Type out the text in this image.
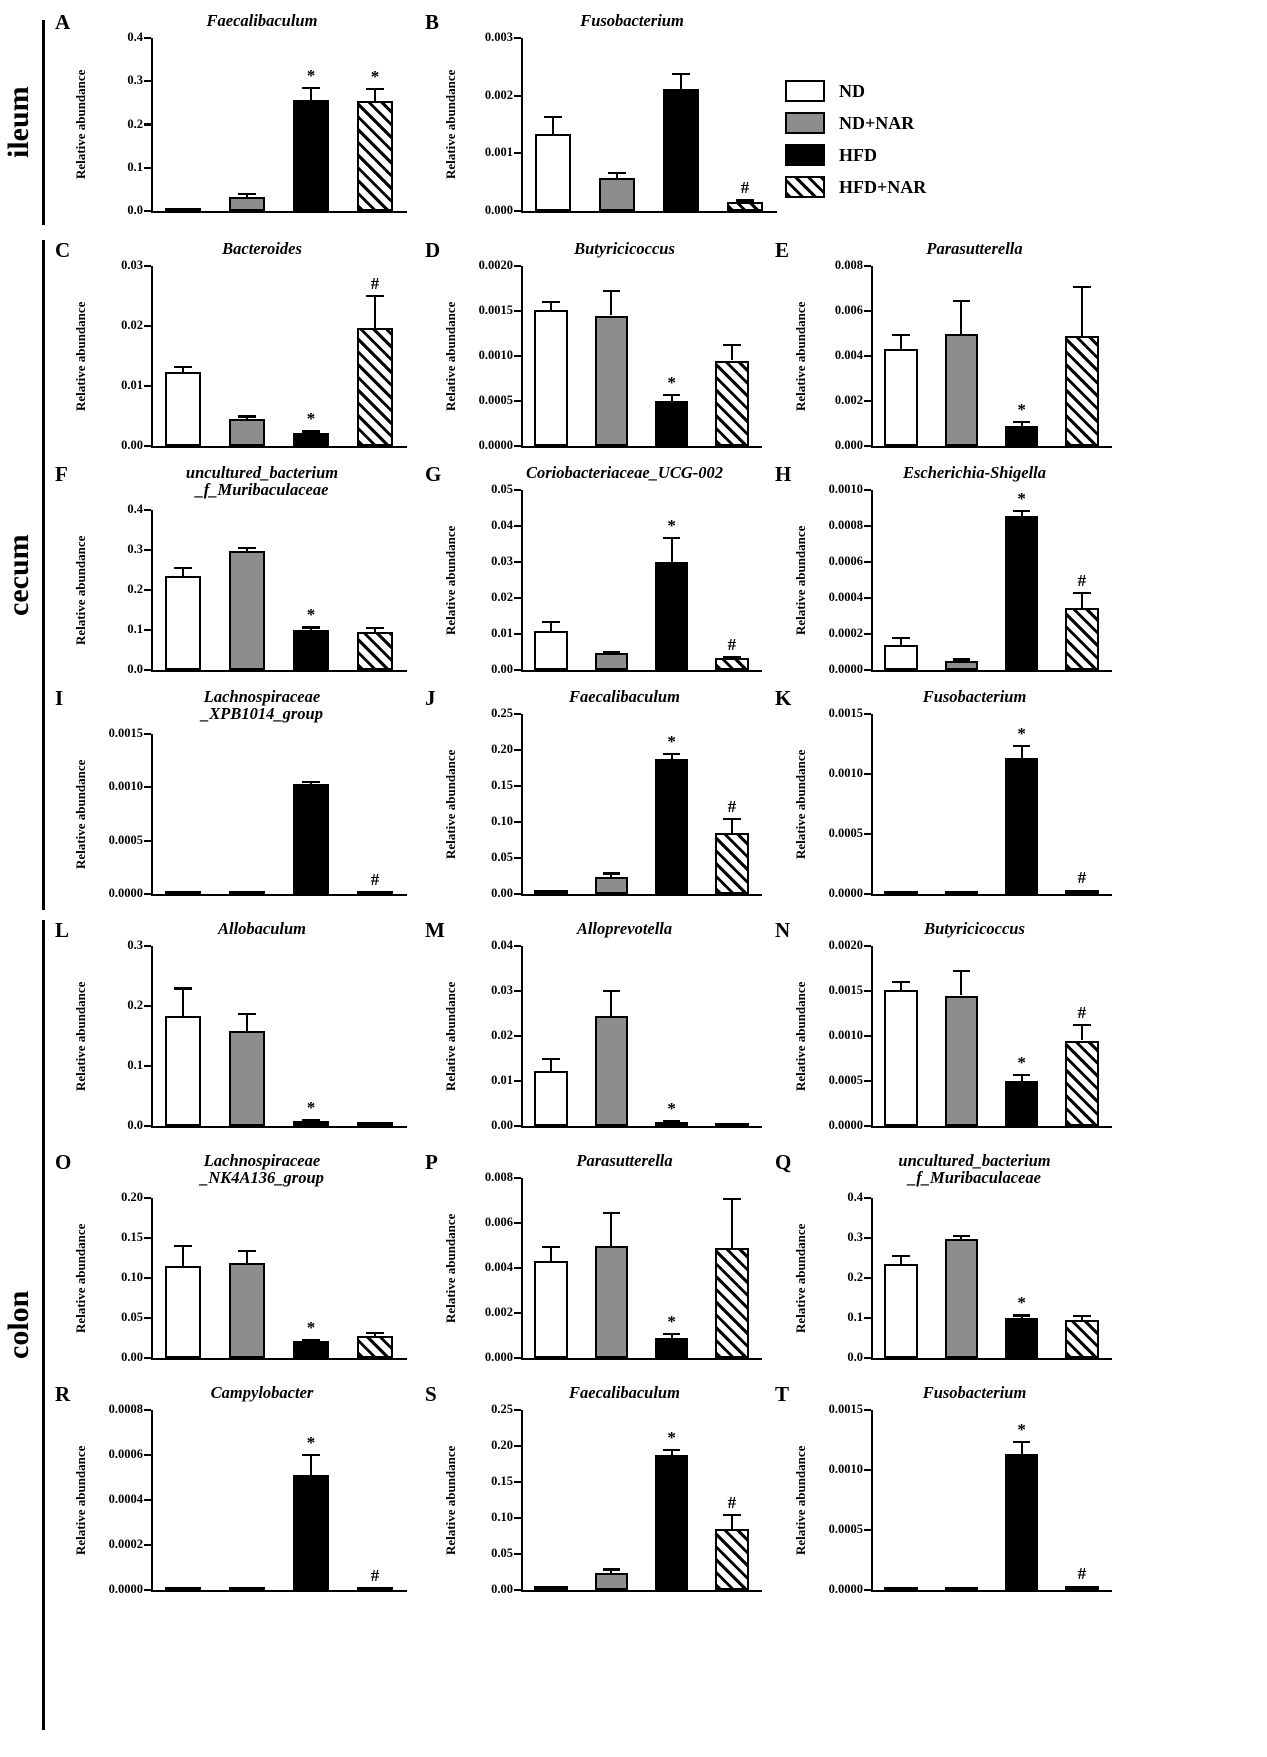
ileum
cecum
colon
ND
ND+NAR
HFD
HFD+NAR
A	Faecalibaculum
Relative abundance
0.0
0.1
0.2
0.3
0.4
*	*
B	Fusobacterium
Relative abundance
0.000
0.001
0.002
0.003
#
C	Bacteroides
Relative abundance
0.00
0.01
0.02
0.03
*
#
D	Butyricicoccus
Relative abundance
0.0000
0.0005
0.0010
0.0015
0.0020
*
E	Parasutterella
Relative abundance
0.000
0.002
0.004
0.006
0.008
*
F	uncultured_bacterium
_f_Muribaculaceae
Relative abundance
0.0
0.1
0.2
0.3
0.4
*
G	Coriobacteriaceae_UCG-002
Relative abundance
0.00
0.01
0.02
0.03
0.04
0.05
*
#
H	Escherichia-Shigella
Relative abundance
0.0000
0.0002
0.0004
0.0006
0.0008
0.0010	*
#
I	Lachnospiraceae
_XPB1014_group
Relative abundance
0.0000
0.0005
0.0010
0.0015
#
J	Faecalibaculum
Relative abundance
0.00
0.05
0.10
0.15
0.20
0.25
*
#
K	Fusobacterium
Relative abundance
0.0000
0.0005
0.0010
0.0015
*
#
L	Allobaculum
Relative abundance
0.0
0.1
0.2
0.3
*
M	Alloprevotella
Relative abundance
0.00
0.01
0.02
0.03
0.04
*
N	Butyricicoccus
Relative abundance
0.0000
0.0005
0.0010
0.0015
0.0020
*
#
O	Lachnospiraceae
_NK4A136_group
Relative abundance
0.00
0.05
0.10
0.15
0.20
*
P	Parasutterella
Relative abundance
0.000
0.002
0.004
0.006
0.008
*
Q	uncultured_bacterium
_f_Muribaculaceae
Relative abundance
0.0
0.1
0.2
0.3
0.4
*
R	Campylobacter
Relative abundance
0.0000
0.0002
0.0004
0.0006
0.0008
*
#
S	Faecalibaculum
Relative abundance
0.00
0.05
0.10
0.15
0.20
0.25
*
#
T	Fusobacterium
Relative abundance
0.0000
0.0005
0.0010
0.0015
*
#
